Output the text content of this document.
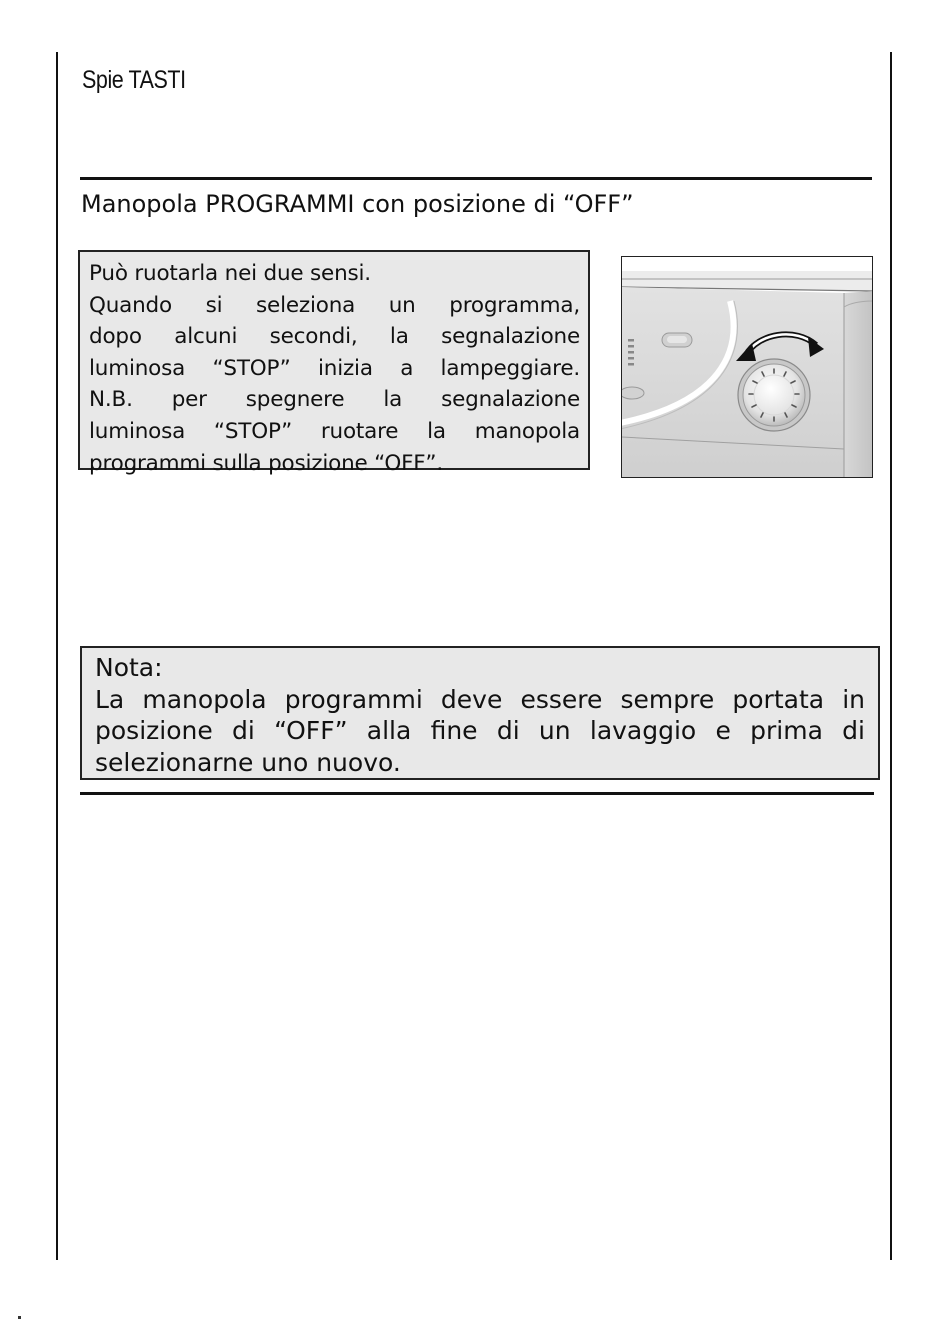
Spie TASTI
Manopola PROGRAMMI con posizione di “OFF”
Può ruotarla nei due sensi.
Quando si seleziona un programma,
dopo alcuni secondi, la segnalazione
luminosa “STOP” inizia a lampeggiare.
N.B. per spegnere la segnalazione
luminosa “STOP” ruotare la manopola
programmi sulla posizione “OFF”.
Nota:
La manopola programmi deve essere sempre portata in
posizione di “OFF” alla fine di un lavaggio e prima di
selezionarne uno nuovo.
